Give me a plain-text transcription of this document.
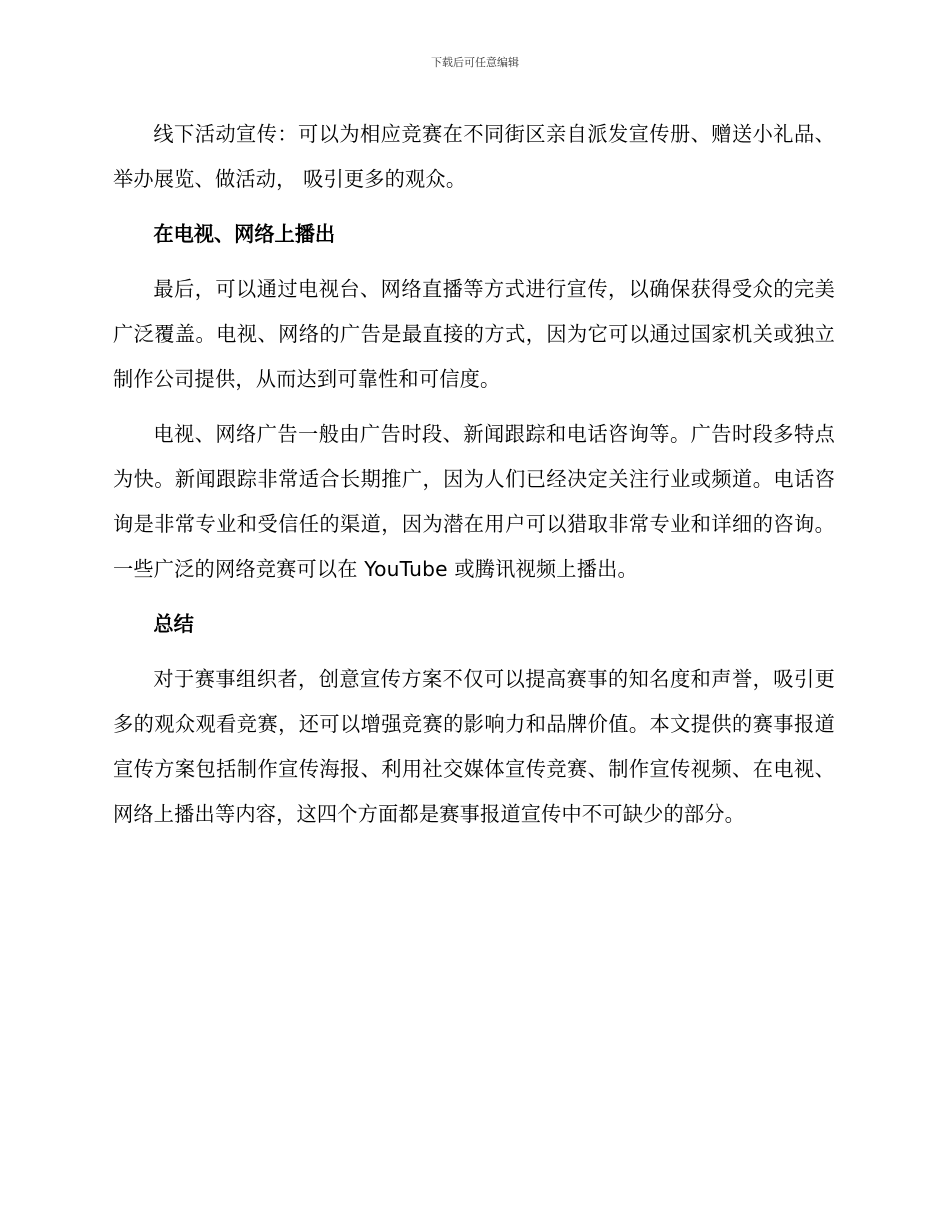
下载后可任意编辑

线下活动宣传：可以为相应竞赛在不同街区亲自派发宣传册、赠送小礼品、举办展览、做活动， 吸引更多的观众。

在电视、网络上播出

最后，可以通过电视台、网络直播等方式进行宣传，以确保获得受众的完美广泛覆盖。电视、网络的广告是最直接的方式，因为它可以通过国家机关或独立制作公司提供，从而达到可靠性和可信度。

电视、网络广告一般由广告时段、新闻跟踪和电话咨询等。广告时段多特点为快。新闻跟踪非常适合长期推广，因为人们已经决定关注行业或频道。电话咨询是非常专业和受信任的渠道，因为潜在用户可以猎取非常专业和详细的咨询。一些广泛的网络竞赛可以在 YouTube 或腾讯视频上播出。

总结

对于赛事组织者，创意宣传方案不仅可以提高赛事的知名度和声誉，吸引更多的观众观看竞赛，还可以增强竞赛的影响力和品牌价值。本文提供的赛事报道宣传方案包括制作宣传海报、利用社交媒体宣传竞赛、制作宣传视频、在电视、网络上播出等内容，这四个方面都是赛事报道宣传中不可缺少的部分。
